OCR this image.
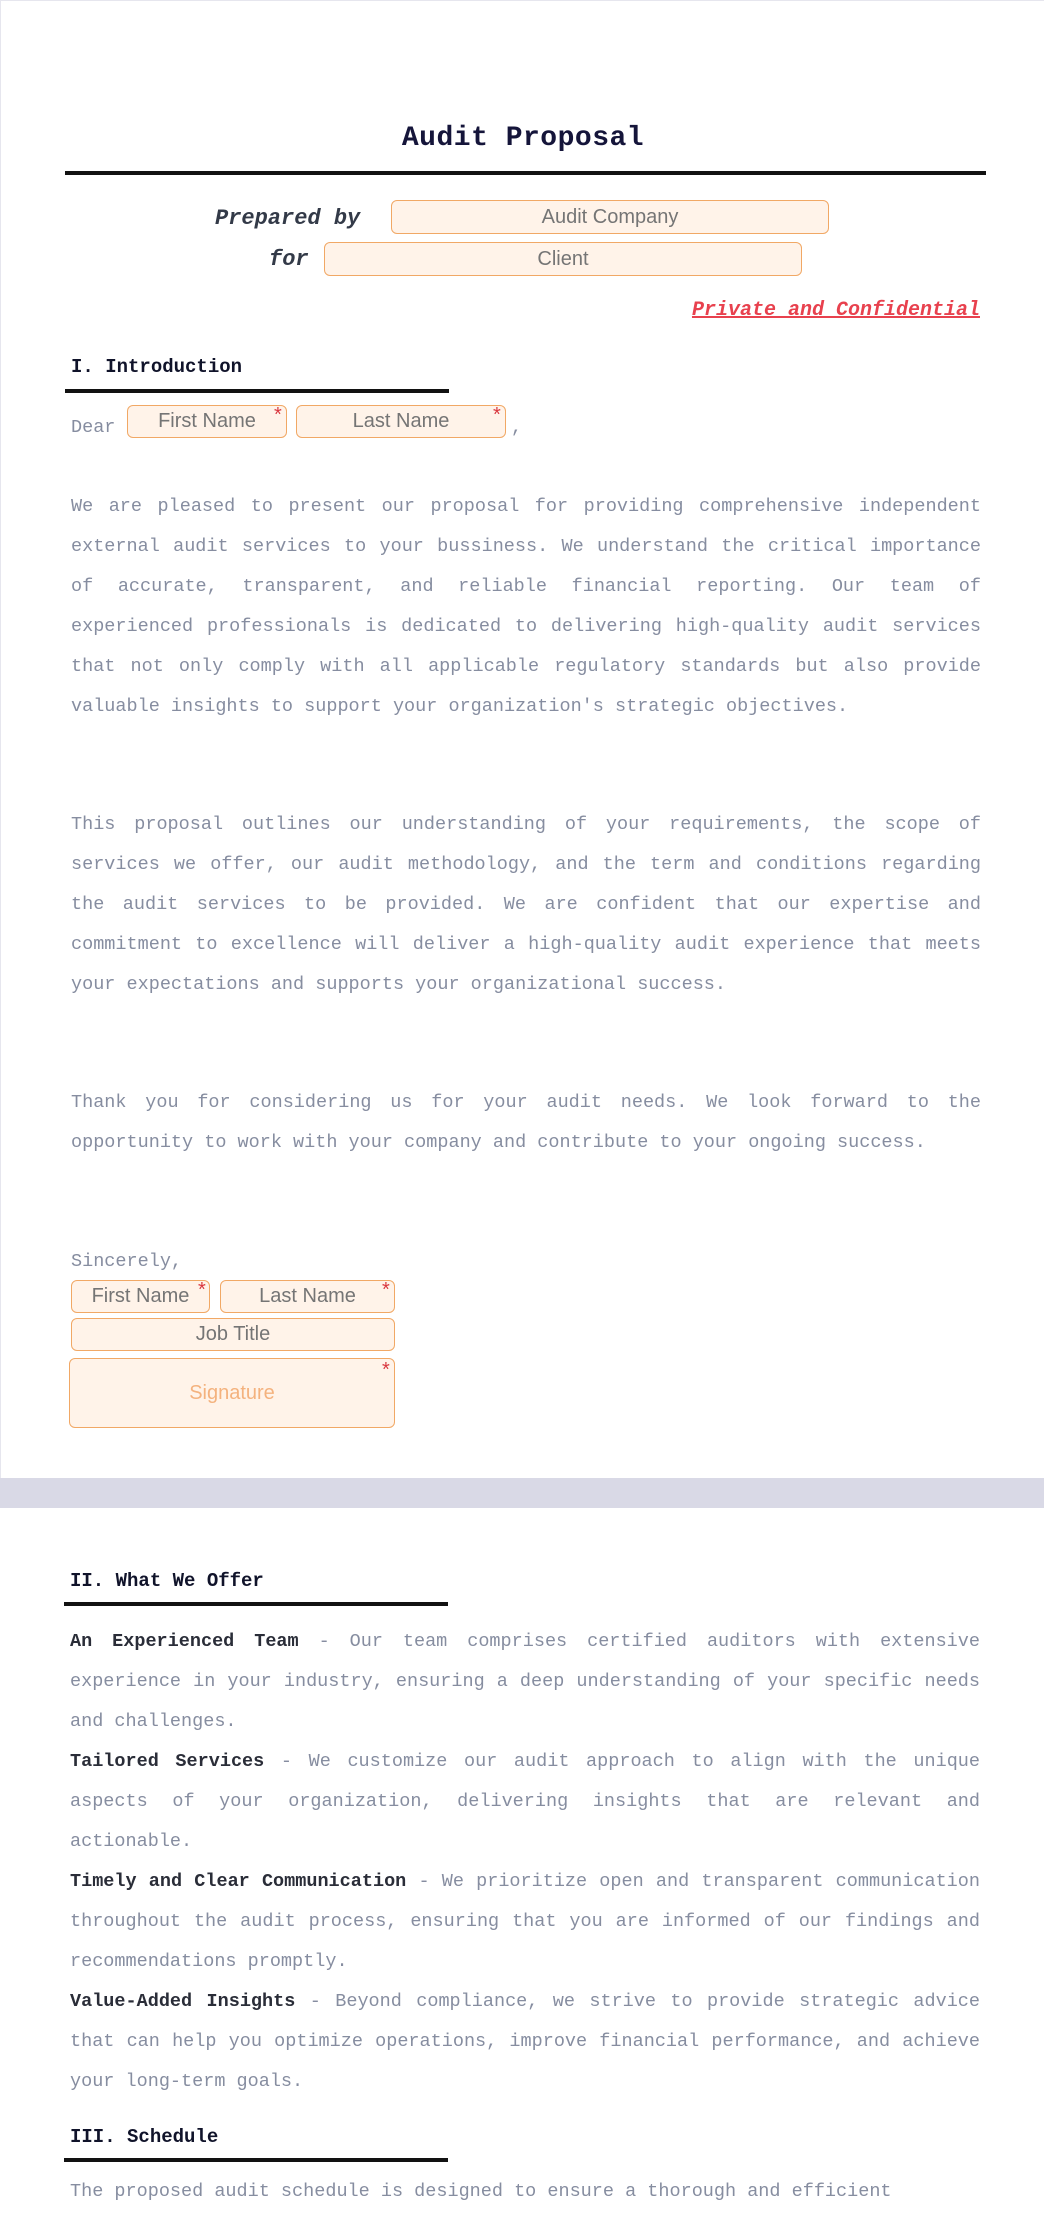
Audit Proposal
Prepared by
Audit Company
for
Client
Private and Confidential
I. Introduction
Dear
First Name
*
Last Name	*
,

We are pleased to present our proposal for providing comprehensive independent external audit services to your bussiness. We understand the critical importance of accurate, transparent, and reliable financial reporting. Our team of experienced professionals is dedicated to delivering high-quality audit services that not only comply with all applicable regulatory standards but also provide valuable insights to support your organization's strategic objectives.

This proposal outlines our understanding of your requirements, the scope of services we offer, our audit methodology, and the term and conditions regarding the audit services to be provided. We are confident that our expertise and commitment to excellence will deliver a high-quality audit experience that meets your expectations and supports your organizational success.

Thank you for considering us for your audit needs. We look forward to the opportunity to work with your company and contribute to your ongoing success.

Sincerely,
First Name
*
Last Name	*
Job Title
Signature
*
II. What We Offer

An Experienced Team - Our team comprises certified auditors with extensive experience in your industry, ensuring a deep understanding of your specific needs and challenges.

Tailored Services - We customize our audit approach to align with the unique aspects of your organization, delivering insights that are relevant and actionable.

Timely and Clear Communication - We prioritize open and transparent communication throughout the audit process, ensuring that you are informed of our findings and recommendations promptly.

Value-Added Insights - Beyond compliance, we strive to provide strategic advice that can help you optimize operations, improve financial performance, and achieve your long-term goals.

III. Schedule

The proposed audit schedule is designed to ensure a thorough and efficient
